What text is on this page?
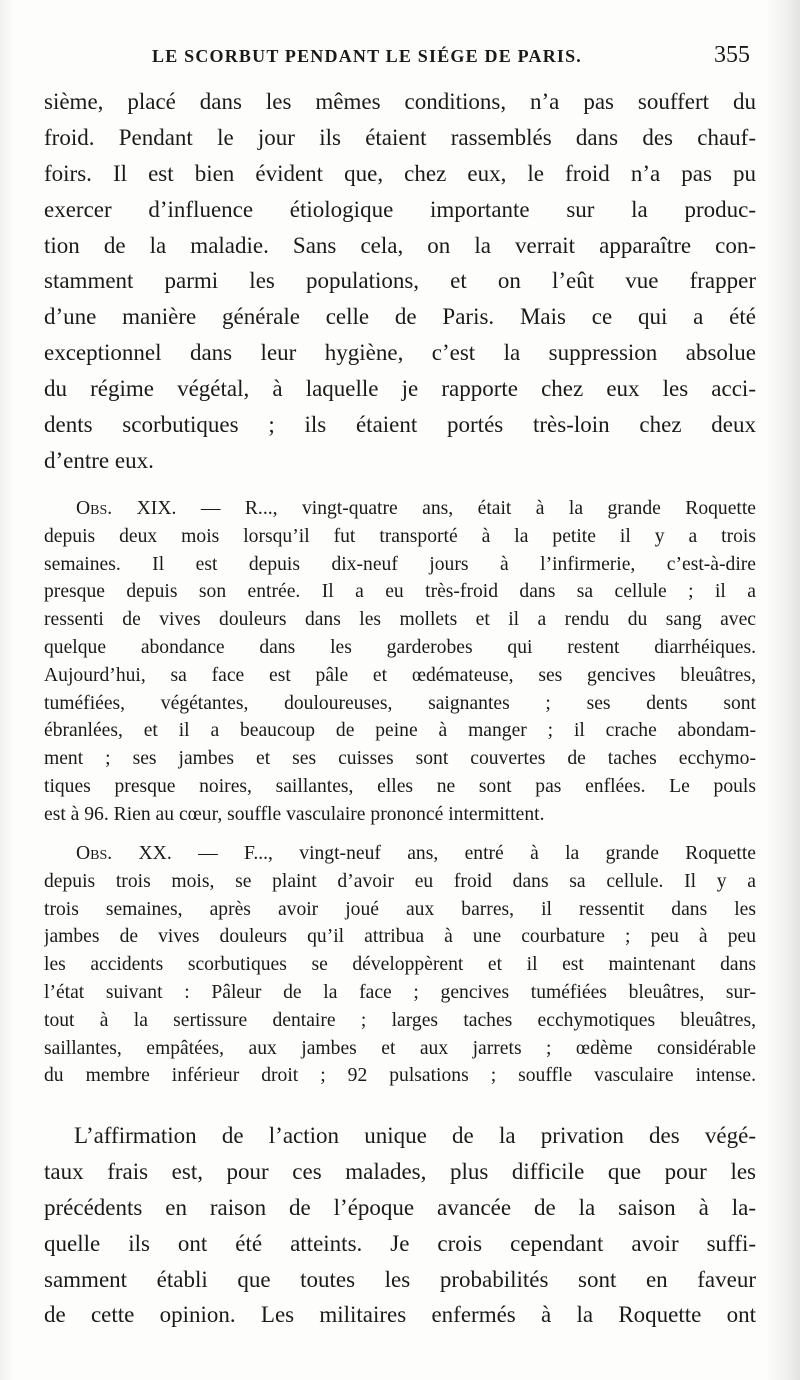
LE SCORBUT PENDANT LE SIÉGE DE PARIS.	355
sième, placé dans les mêmes conditions, n’a pas souffert du
froid. Pendant le jour ils étaient rassemblés dans des chauf-
foirs. Il est bien évident que, chez eux, le froid n’a pas pu
exercer d’influence étiologique importante sur la produc-
tion de la maladie. Sans cela, on la verrait apparaître con-
stamment parmi les populations, et on l’eût vue frapper
d’une manière générale celle de Paris. Mais ce qui a été
exceptionnel dans leur hygiène, c’est la suppression absolue
du régime végétal, à laquelle je rapporte chez eux les acci-
dents scorbutiques ; ils étaient portés très-loin chez deux
d’entre eux.
Obs. XIX. — R..., vingt-quatre ans, était à la grande Roquette
depuis deux mois lorsqu’il fut transporté à la petite il y a trois
semaines. Il est depuis dix-neuf jours à l’infirmerie, c’est-à-dire
presque depuis son entrée. Il a eu très-froid dans sa cellule ; il a
ressenti de vives douleurs dans les mollets et il a rendu du sang avec
quelque abondance dans les garderobes qui restent diarrhéiques.
Aujourd’hui, sa face est pâle et œdémateuse, ses gencives bleuâtres,
tuméfiées, végétantes, douloureuses, saignantes ; ses dents sont
ébranlées, et il a beaucoup de peine à manger ; il crache abondam-
ment ; ses jambes et ses cuisses sont couvertes de taches ecchymo-
tiques presque noires, saillantes, elles ne sont pas enflées. Le pouls
est à 96. Rien au cœur, souffle vasculaire prononcé intermittent.
Obs. XX. — F..., vingt-neuf ans, entré à la grande Roquette
depuis trois mois, se plaint d’avoir eu froid dans sa cellule. Il y a
trois semaines, après avoir joué aux barres, il ressentit dans les
jambes de vives douleurs qu’il attribua à une courbature ; peu à peu
les accidents scorbutiques se développèrent et il est maintenant dans
l’état suivant : Pâleur de la face ; gencives tuméfiées bleuâtres, sur-
tout à la sertissure dentaire ; larges taches ecchymotiques bleuâtres,
saillantes, empâtées, aux jambes et aux jarrets ; œdème considérable
du membre inférieur droit ; 92 pulsations ; souffle vasculaire intense.
L’affirmation de l’action unique de la privation des végé-
taux frais est, pour ces malades, plus difficile que pour les
précédents en raison de l’époque avancée de la saison à la-
quelle ils ont été atteints. Je crois cependant avoir suffi-
samment établi que toutes les probabilités sont en faveur
de cette opinion. Les militaires enfermés à la Roquette ont
